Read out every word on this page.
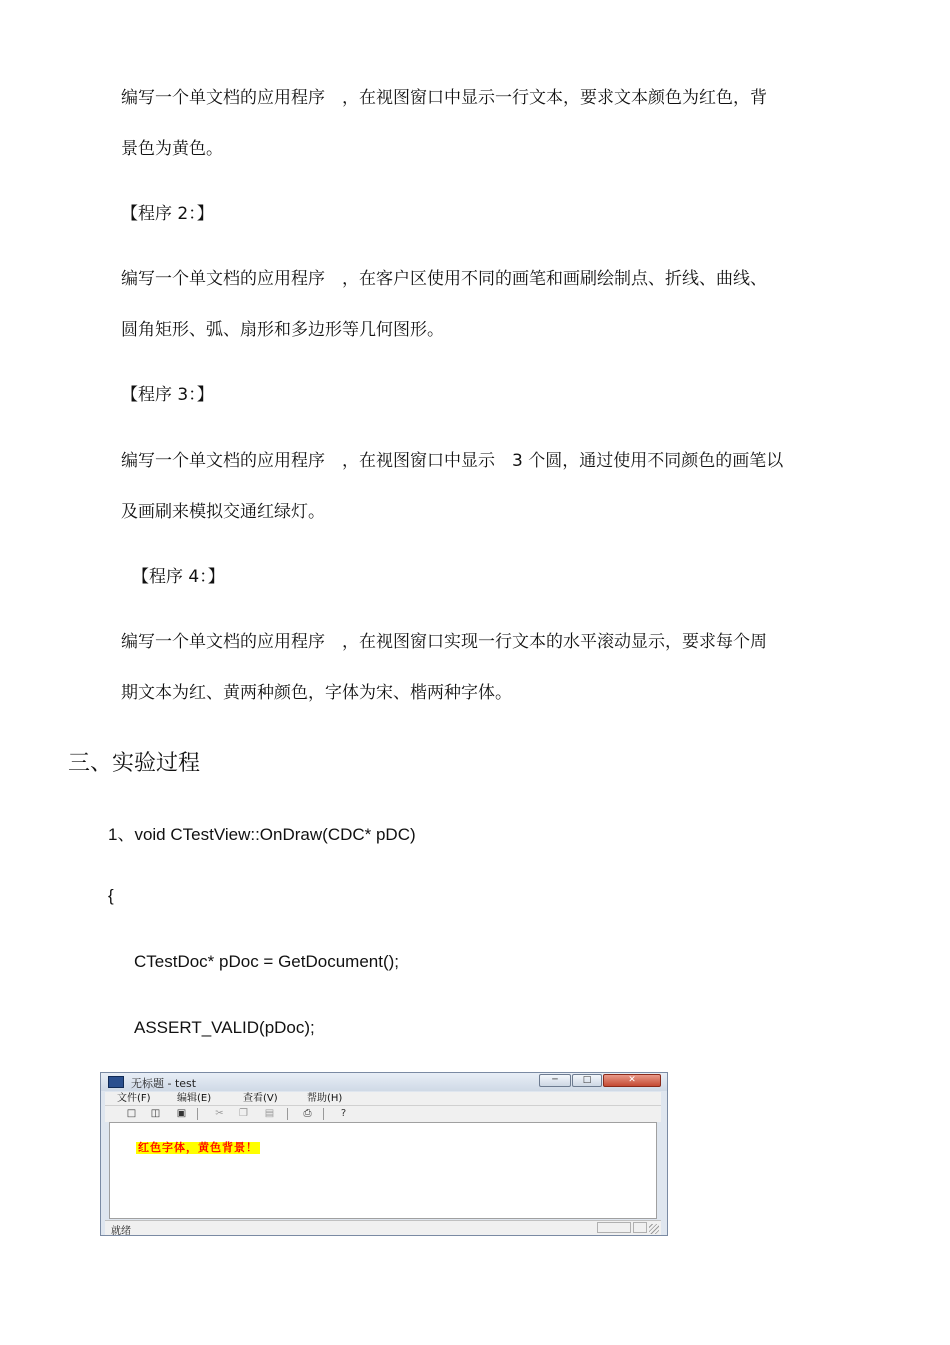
编写一个单文档的应用程序　，在视图窗口中显示一行文本，要求文本颜色为红色，背
景色为黄色。
【程序 2：】
编写一个单文档的应用程序　，在客户区使用不同的画笔和画刷绘制点、折线、曲线、
圆角矩形、弧、扇形和多边形等几何图形。
【程序 3：】
编写一个单文档的应用程序　，在视图窗口中显示　3 个圆，通过使用不同颜色的画笔以
及画刷来模拟交通红绿灯。
【程序 4：】
编写一个单文档的应用程序　，在视图窗口实现一行文本的水平滚动显示，要求每个周
期文本为红、黄两种颜色，字体为宋、楷两种字体。
三、实验过程
1、void CTestView::OnDraw(CDC* pDC)
{
CTestDoc* pDoc = GetDocument();
ASSERT_VALID(pDoc);
无标题 - test	─	□	✕
文件(F)	编辑(E)	查看(V)	帮助(H)
□ ◫ ▣	✂ ❐ ▤	⎙	?
红色字体，黄色背景！
就绪
